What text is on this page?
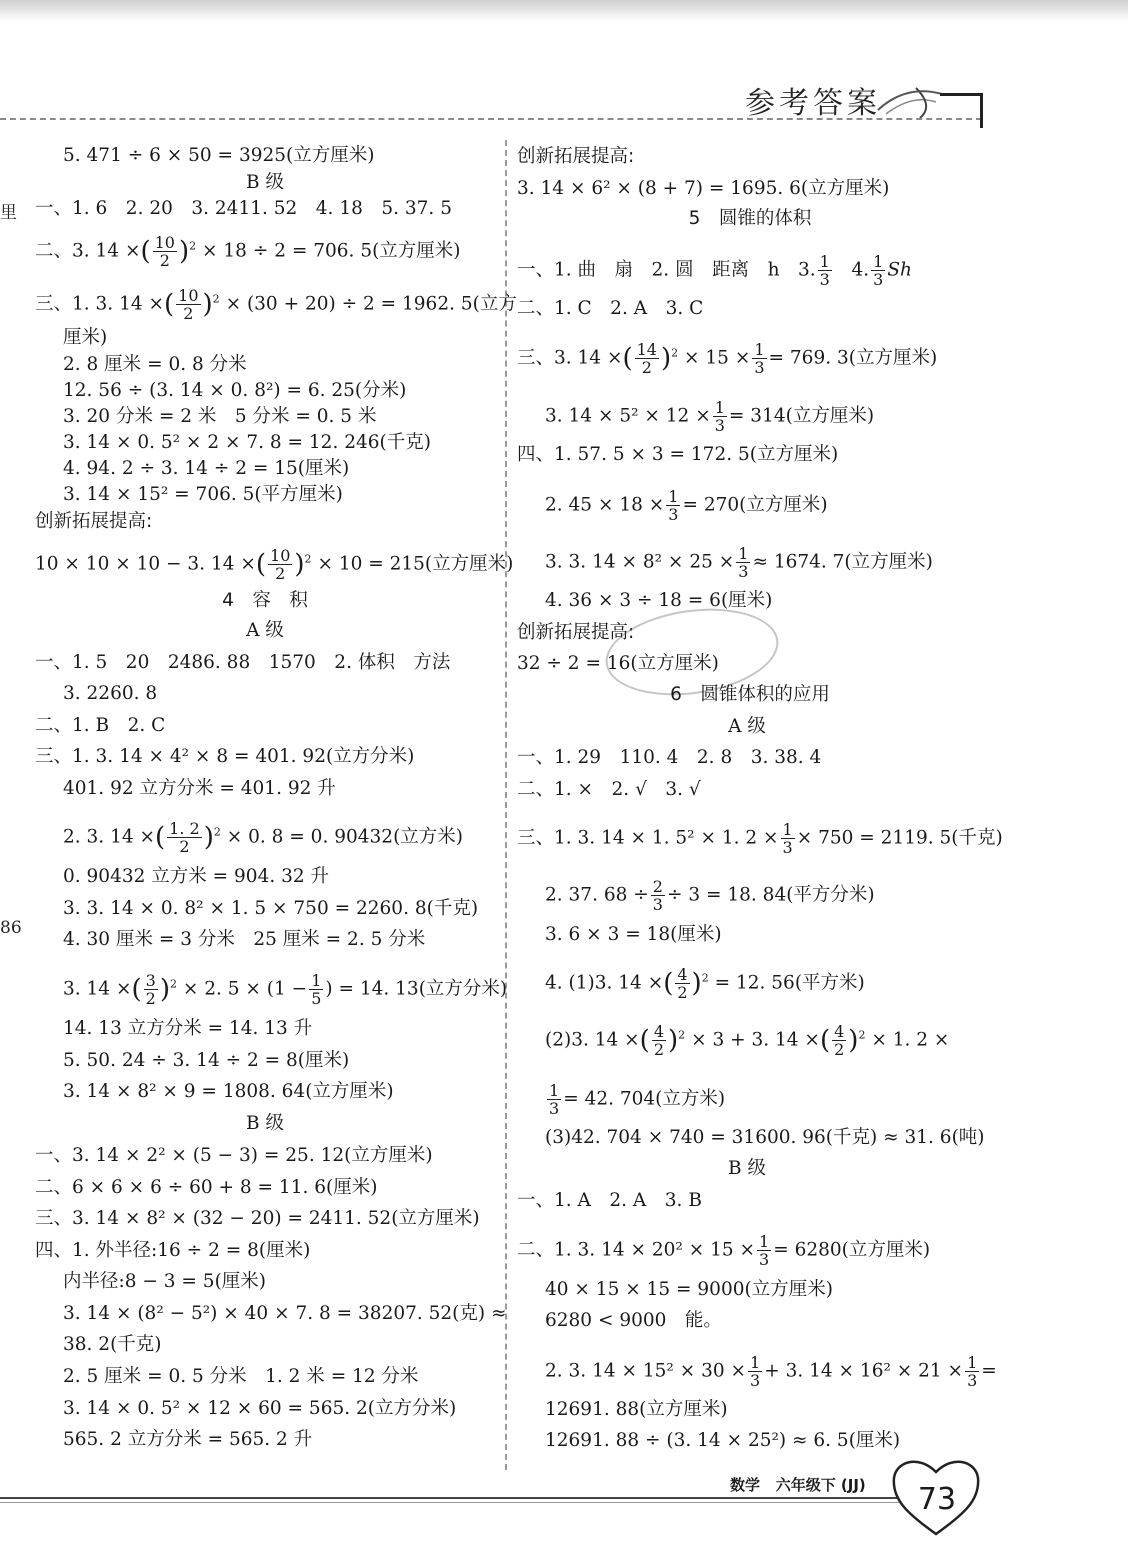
参考答案
里
86
5. 471 ÷ 6 × 50 = 3925(立方厘米)
B 级
一、1. 6　2. 20　3. 2411. 52　4. 18　5. 37. 5
二、3. 14 ×( $\frac{10}{2} )^2 \times 18 \div 2 = 706$. 5(立方厘米)
三、1. 3. 14 ×( $\frac{10}{2} )^2 \times (30 + 20) \div 2 = 1962$. 5(立方
厘米)
2. 8 厘米 = 0. 8 分米
12. 56 ÷ (3. 14 × 0. 8²) = 6. 25(分米)
3. 20 分米 = 2 米　5 分米 = 0. 5 米
3. 14 × 0. 5² × 2 × 7. 8 = 12. 246(千克)
4. 94. 2 ÷ 3. 14 ÷ 2 = 15(厘米)
3. 14 × 15² = 706. 5(平方厘米)
创新拓展提高:
10 × 10 × 10 − 3. 14 ×( $\frac{10}{2} )^2 \times 10 = 215$(立方厘米)
4　容　积
A 级
一、1. 5　20　2486. 88　1570　2. 体积　方法
3. 2260. 8
二、1. B　2. C
三、1. 3. 14 × 4² × 8 = 401. 92(立方分米)
401. 92 立方分米 = 401. 92 升
2. 3. 14 ×( $\frac{1. 2}{2} )^2 \times 0$. 8 = 0. 90432(立方米)
0. 90432 立方米 = 904. 32 升
3. 3. 14 × 0. 8² × 1. 5 × 750 = 2260. 8(千克)
4. 30 厘米 = 3 分米　25 厘米 = 2. 5 分米
3. 14 ×( $\frac{3}{2} )^2 \times 2$. $5 \times (1 - \frac{1}{5}$ ) = 14. 13(立方分米)
14. 13 立方分米 = 14. 13 升
5. 50. 24 ÷ 3. 14 ÷ 2 = 8(厘米)
3. 14 × 8² × 9 = 1808. 64(立方厘米)
B 级
一、3. 14 × 2² × (5 − 3) = 25. 12(立方厘米)
二、6 × 6 × 6 ÷ 60 + 8 = 11. 6(厘米)
三、3. 14 × 8² × (32 − 20) = 2411. 52(立方厘米)
四、1. 外半径:16 ÷ 2 = 8(厘米)
内半径:8 − 3 = 5(厘米)
3. 14 × (8² − 5²) × 40 × 7. 8 = 38207. 52(克) ≈
38. 2(千克)
2. 5 厘米 = 0. 5 分米　1. 2 米 = 12 分米
3. 14 × 0. 5² × 12 × 60 = 565. 2(立方分米)
565. 2 立方分米 = 565. 2 升
创新拓展提高:
3. 14 × 6² × (8 + 7) = 1695. 6(立方厘米)
5　圆锥的体积
一、1. 曲　扇　2. 圆　距离　h　3. $\frac{1}{3} 4$. $\frac{1}{3}$ Sh
二、1. C　2. A　3. C
三、3. 14 ×( $\frac{14}{2} )^2 \times 15 \times \frac{1}{3} = 769$. 3(立方厘米)
3. $14 \times 5^2 \times 12 \times \frac{1}{3} = 314$(立方厘米)
四、1. 57. 5 × 3 = 172. 5(立方厘米)
2. $45 \times 18 \times \frac{1}{3} = 270$(立方厘米)
3. 3. $14 \times 8^2 \times 25 \times \frac{1}{3} \approx 1674$. 7(立方厘米)
4. 36 × 3 ÷ 18 = 6(厘米)
创新拓展提高:
32 ÷ 2 = 16(立方厘米)
6　圆锥体积的应用
A 级
一、1. 29　110. 4　2. 8　3. 38. 4
二、1. ×　2. √　3. √
三、1. 3. 14 × 1. 5² × 1. $2 \times \frac{1}{3} \times 750 = 2119$. 5(千克)
2. 37. $68 \div \frac{2}{3} \div 3 = 18$. 84(平方分米)
3. 6 × 3 = 18(厘米)
4. (1)3. 14 ×( $\frac{4}{2} )^2 = 12$. 56(平方米)
(2)3. 14 ×( $\frac{4}{2} )^2 \times 3 + 3$. 14 ×( $\frac{4}{2} )^2 \times 1$. 2 ×
$\frac{1}{3} = 42$. 704(立方米)
(3)42. 704 × 740 = 31600. 96(千克) ≈ 31. 6(吨)
B 级
一、1. A　2. A　3. B
二、1. 3. $14 \times 20^2 \times 15 \times \frac{1}{3} = 6280$(立方厘米)
40 × 15 × 15 = 9000(立方厘米)
6280 < 9000　能。
2. 3. $14 \times 15^2 \times 30 \times \frac{1}{3} + 3$. $14 \times 16^2 \times 21 \times \frac{1}{3}$ =
12691. 88(立方厘米)
12691. 88 ÷ (3. 14 × 25²) ≈ 6. 5(厘米)
数学 六年级下 (JJ) 73
